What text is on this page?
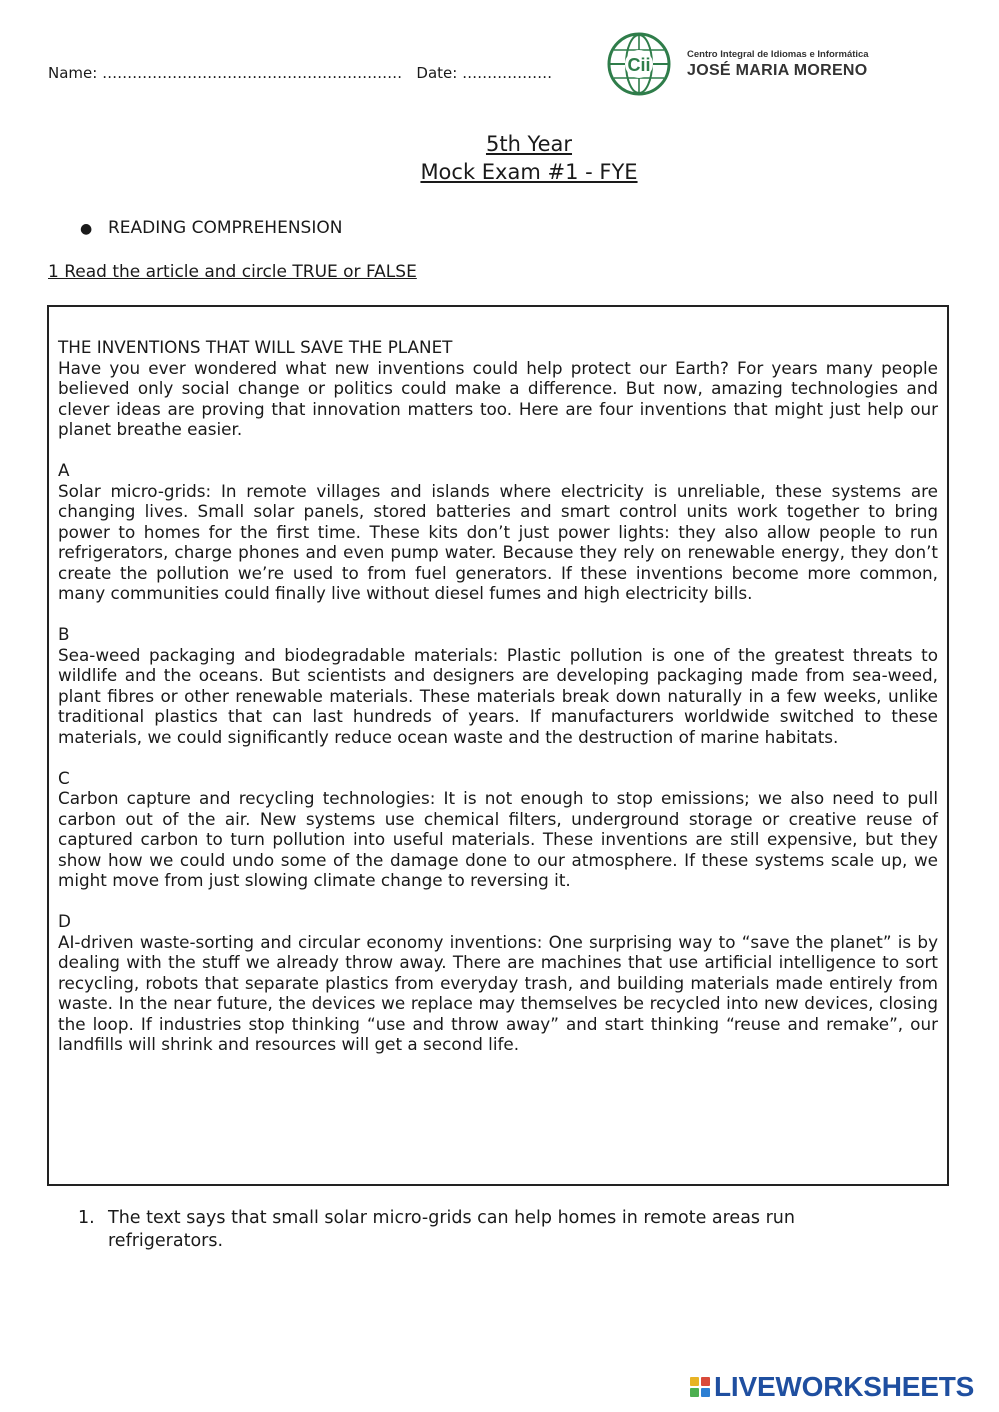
Name: …………………………………………………… Date: ………………	Cii
Centro Integral de Idiomas e Informática
JOSÉ MARIA MORENO
5th Year
Mock Exam #1 - FYE
● READING COMPREHENSION
1 Read the article and circle TRUE or FALSE
THE INVENTIONS THAT WILL SAVE THE PLANET

Have you ever wondered what new inventions could help protect our Earth? For years many people believed only social change or politics could make a difference. But now, amazing technologies and clever ideas are proving that innovation matters too. Here are four inventions that might just help our planet breathe easier.

A

Solar micro-grids: In remote villages and islands where electricity is unreliable, these systems are changing lives. Small solar panels, stored batteries and smart control units work together to bring power to homes for the first time. These kits don’t just power lights: they also allow people to run refrigerators, charge phones and even pump water. Because they rely on renewable energy, they don’t create the pollution we’re used to from fuel generators. If these inventions become more common, many communities could finally live without diesel fumes and high electricity bills.

B

Sea-weed packaging and biodegradable materials: Plastic pollution is one of the greatest threats to wildlife and the oceans. But scientists and designers are developing packaging made from sea-weed, plant fibres or other renewable materials. These materials break down naturally in a few weeks, unlike traditional plastics that can last hundreds of years. If manufacturers worldwide switched to these materials, we could significantly reduce ocean waste and the destruction of marine habitats.

C

Carbon capture and recycling technologies: It is not enough to stop emissions; we also need to pull carbon out of the air. New systems use chemical filters, underground storage or creative reuse of captured carbon to turn pollution into useful materials. These inventions are still expensive, but they show how we could undo some of the damage done to our atmosphere. If these systems scale up, we might move from just slowing climate change to reversing it.

D

AI-driven waste-sorting and circular economy inventions: One surprising way to “save the planet” is by dealing with the stuff we already throw away. There are machines that use artificial intelligence to sort recycling, robots that separate plastics from everyday trash, and building materials made entirely from waste. In the near future, the devices we replace may themselves be recycled into new devices, closing the loop. If industries stop thinking “use and throw away” and start thinking “reuse and remake”, our landfills will shrink and resources will get a second life.

1. The text says that small solar micro-grids can help homes in remote areas run refrigerators.
LIVEWORKSHEETS
